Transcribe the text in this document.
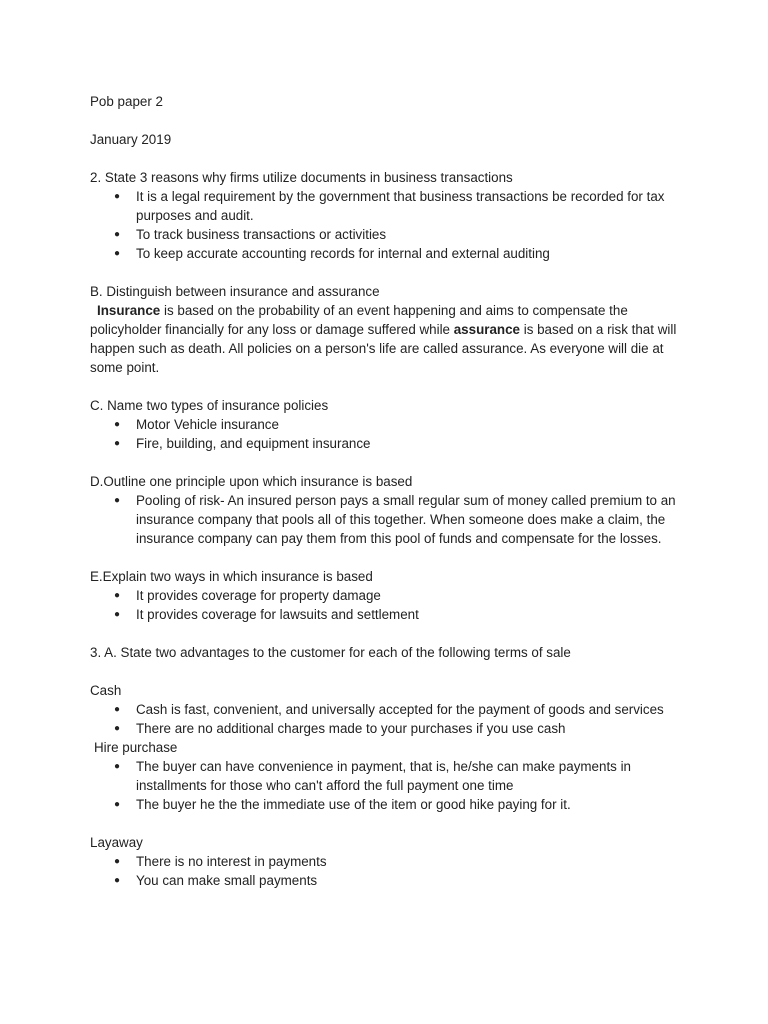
Pob paper 2

January 2019

2. State 3 reasons why firms utilize documents in business transactions

● It is a legal requirement by the government that business transactions be recorded for tax purposes and audit.
● To track business transactions or activities
● To keep accurate accounting records for internal and external auditing

B. Distinguish between insurance and assurance

Insurance is based on the probability of an event happening and aims to compensate the policyholder financially for any loss or damage suffered while assurance is based on a risk that will happen such as death. All policies on a person's life are called assurance. As everyone will die at some point.

C. Name two types of insurance policies

● Motor Vehicle insurance
● Fire, building, and equipment insurance

D.Outline one principle upon which insurance is based

● Pooling of risk- An insured person pays a small regular sum of money called premium to an insurance company that pools all of this together. When someone does make a claim, the insurance company can pay them from this pool of funds and compensate for the losses.

E.Explain two ways in which insurance is based

● It provides coverage for property damage
● It provides coverage for lawsuits and settlement

3. A. State two advantages to the customer for each of the following terms of sale

Cash

● Cash is fast, convenient, and universally accepted for the payment of goods and services
● There are no additional charges made to your purchases if you use cash

Hire purchase

● The buyer can have convenience in payment, that is, he/she can make payments in installments for those who can't afford the full payment one time
● The buyer he the the immediate use of the item or good hike paying for it.

Layaway

● There is no interest in payments
● You can make small payments
